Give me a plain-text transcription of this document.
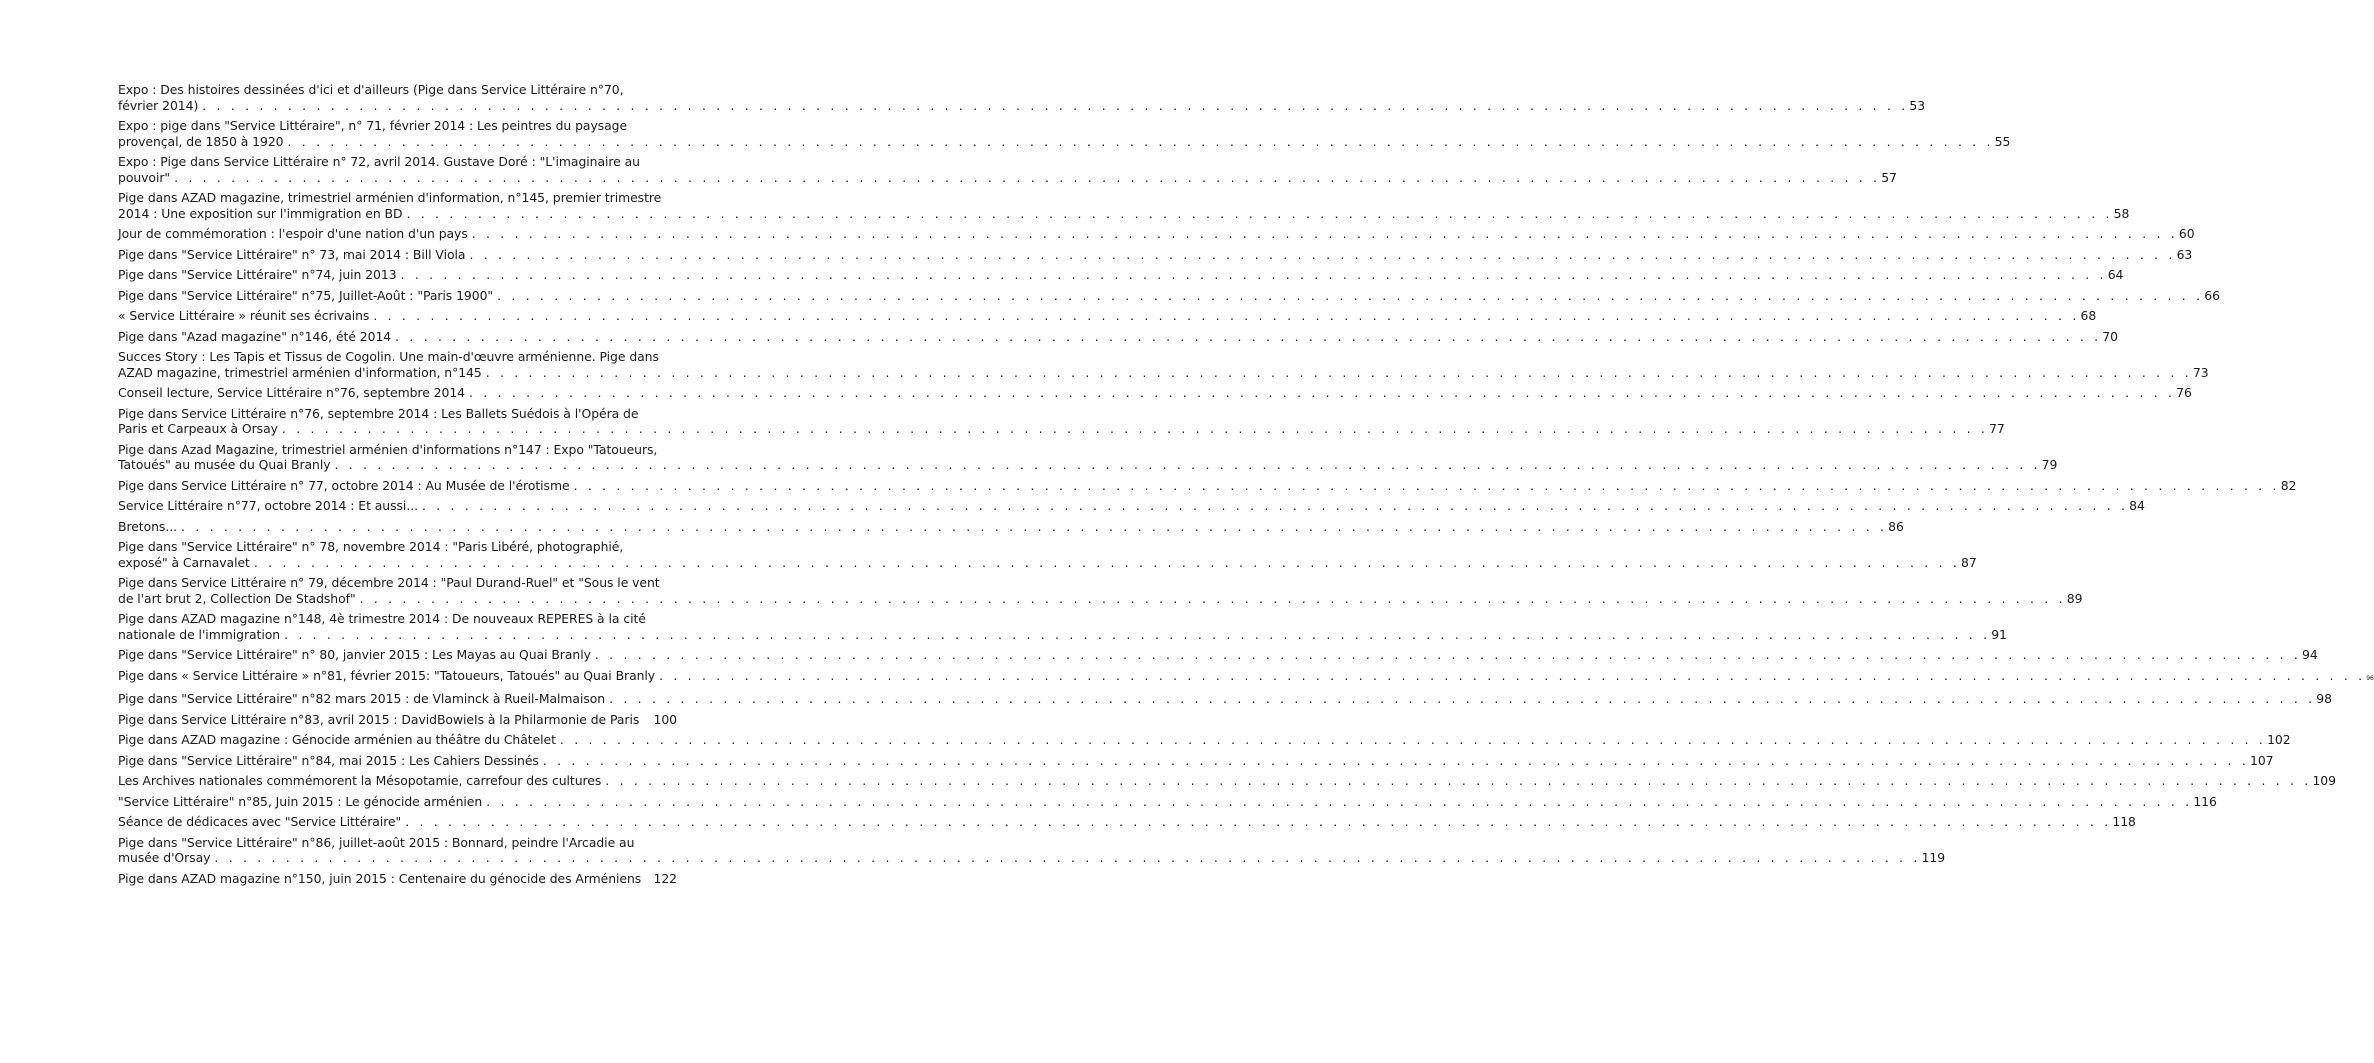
Expo : Des histoires dessinées d'ici et d'ailleurs (Pige dans Service Littéraire n°70,
février 2014) . . . . . . . . . . . . . . . . . . . . . . . . . . . . . . . . . . . . . . . . . . . . . . . . . . . . . . . . . . . . . . . . . . . . . . . . . . . . . . . . . . . . . . . . . . . . . . . . . . . . . . . . . . . . . . . . . . . . . . . . 53
Expo : pige dans "Service Littéraire", n° 71, février 2014 : Les peintres du paysage
provençal, de 1850 à 1920 . . . . . . . . . . . . . . . . . . . . . . . . . . . . . . . . . . . . . . . . . . . . . . . . . . . . . . . . . . . . . . . . . . . . . . . . . . . . . . . . . . . . . . . . . . . . . . . . . . . . . . . . . . . . . . . . . . . . . . . . 55
Expo : Pige dans Service Littéraire n° 72, avril 2014. Gustave Doré : "L'imaginaire au
pouvoir" . . . . . . . . . . . . . . . . . . . . . . . . . . . . . . . . . . . . . . . . . . . . . . . . . . . . . . . . . . . . . . . . . . . . . . . . . . . . . . . . . . . . . . . . . . . . . . . . . . . . . . . . . . . . . . . . . . . . . . . . 57
Pige dans AZAD magazine, trimestriel arménien d'information, n°145, premier trimestre
2014 : Une exposition sur l'immigration en BD . . . . . . . . . . . . . . . . . . . . . . . . . . . . . . . . . . . . . . . . . . . . . . . . . . . . . . . . . . . . . . . . . . . . . . . . . . . . . . . . . . . . . . . . . . . . . . . . . . . . . . . . . . . . . . . . . . . . . . . . 58
Jour de commémoration : l'espoir d'une nation d'un pays . . . . . . . . . . . . . . . . . . . . . . . . . . . . . . . . . . . . . . . . . . . . . . . . . . . . . . . . . . . . . . . . . . . . . . . . . . . . . . . . . . . . . . . . . . . . . . . . . . . . . . . . . . . . . . . . . . . . . . . . 60
Pige dans "Service Littéraire" n° 73, mai 2014 : Bill Viola . . . . . . . . . . . . . . . . . . . . . . . . . . . . . . . . . . . . . . . . . . . . . . . . . . . . . . . . . . . . . . . . . . . . . . . . . . . . . . . . . . . . . . . . . . . . . . . . . . . . . . . . . . . . . . . . . . . . . . . . 63
Pige dans "Service Littéraire" n°74, juin 2013 . . . . . . . . . . . . . . . . . . . . . . . . . . . . . . . . . . . . . . . . . . . . . . . . . . . . . . . . . . . . . . . . . . . . . . . . . . . . . . . . . . . . . . . . . . . . . . . . . . . . . . . . . . . . . . . . . . . . . . . . 64
Pige dans "Service Littéraire" n°75, Juillet-Août : "Paris 1900" . . . . . . . . . . . . . . . . . . . . . . . . . . . . . . . . . . . . . . . . . . . . . . . . . . . . . . . . . . . . . . . . . . . . . . . . . . . . . . . . . . . . . . . . . . . . . . . . . . . . . . . . . . . . . . . . . . . . . . . . 66
« Service Littéraire » réunit ses écrivains . . . . . . . . . . . . . . . . . . . . . . . . . . . . . . . . . . . . . . . . . . . . . . . . . . . . . . . . . . . . . . . . . . . . . . . . . . . . . . . . . . . . . . . . . . . . . . . . . . . . . . . . . . . . . . . . . . . . . . . . 68
Pige dans "Azad magazine" n°146, été 2014 . . . . . . . . . . . . . . . . . . . . . . . . . . . . . . . . . . . . . . . . . . . . . . . . . . . . . . . . . . . . . . . . . . . . . . . . . . . . . . . . . . . . . . . . . . . . . . . . . . . . . . . . . . . . . . . . . . . . . . . . 70
Succes Story : Les Tapis et Tissus de Cogolin. Une main-d'œuvre arménienne. Pige dans
AZAD magazine, trimestriel arménien d'information, n°145 . . . . . . . . . . . . . . . . . . . . . . . . . . . . . . . . . . . . . . . . . . . . . . . . . . . . . . . . . . . . . . . . . . . . . . . . . . . . . . . . . . . . . . . . . . . . . . . . . . . . . . . . . . . . . . . . . . . . . . . . 73
Conseil lecture, Service Littéraire n°76, septembre 2014 . . . . . . . . . . . . . . . . . . . . . . . . . . . . . . . . . . . . . . . . . . . . . . . . . . . . . . . . . . . . . . . . . . . . . . . . . . . . . . . . . . . . . . . . . . . . . . . . . . . . . . . . . . . . . . . . . . . . . . . . 76
Pige dans Service Littéraire n°76, septembre 2014 : Les Ballets Suédois à l'Opéra de
Paris et Carpeaux à Orsay . . . . . . . . . . . . . . . . . . . . . . . . . . . . . . . . . . . . . . . . . . . . . . . . . . . . . . . . . . . . . . . . . . . . . . . . . . . . . . . . . . . . . . . . . . . . . . . . . . . . . . . . . . . . . . . . . . . . . . . . 77
Pige dans Azad Magazine, trimestriel arménien d'informations n°147 : Expo "Tatoueurs,
Tatoués" au musée du Quai Branly . . . . . . . . . . . . . . . . . . . . . . . . . . . . . . . . . . . . . . . . . . . . . . . . . . . . . . . . . . . . . . . . . . . . . . . . . . . . . . . . . . . . . . . . . . . . . . . . . . . . . . . . . . . . . . . . . . . . . . . . 79
Pige dans Service Littéraire n° 77, octobre 2014 : Au Musée de l'érotisme . . . . . . . . . . . . . . . . . . . . . . . . . . . . . . . . . . . . . . . . . . . . . . . . . . . . . . . . . . . . . . . . . . . . . . . . . . . . . . . . . . . . . . . . . . . . . . . . . . . . . . . . . . . . . . . . . . . . . . . . 82
Service Littéraire n°77, octobre 2014 : Et aussi... . . . . . . . . . . . . . . . . . . . . . . . . . . . . . . . . . . . . . . . . . . . . . . . . . . . . . . . . . . . . . . . . . . . . . . . . . . . . . . . . . . . . . . . . . . . . . . . . . . . . . . . . . . . . . . . . . . . . . . . . 84
Bretons... . . . . . . . . . . . . . . . . . . . . . . . . . . . . . . . . . . . . . . . . . . . . . . . . . . . . . . . . . . . . . . . . . . . . . . . . . . . . . . . . . . . . . . . . . . . . . . . . . . . . . . . . . . . . . . . . . . . . . . . . 86
Pige dans "Service Littéraire" n° 78, novembre 2014 : "Paris Libéré, photographié,
exposé" à Carnavalet . . . . . . . . . . . . . . . . . . . . . . . . . . . . . . . . . . . . . . . . . . . . . . . . . . . . . . . . . . . . . . . . . . . . . . . . . . . . . . . . . . . . . . . . . . . . . . . . . . . . . . . . . . . . . . . . . . . . . . . . 87
Pige dans Service Littéraire n° 79, décembre 2014 : "Paul Durand-Ruel" et "Sous le vent
de l'art brut 2, Collection De Stadshof" . . . . . . . . . . . . . . . . . . . . . . . . . . . . . . . . . . . . . . . . . . . . . . . . . . . . . . . . . . . . . . . . . . . . . . . . . . . . . . . . . . . . . . . . . . . . . . . . . . . . . . . . . . . . . . . . . . . . . . . . 89
Pige dans AZAD magazine n°148, 4è trimestre 2014 : De nouveaux REPERES à la cité
nationale de l'immigration . . . . . . . . . . . . . . . . . . . . . . . . . . . . . . . . . . . . . . . . . . . . . . . . . . . . . . . . . . . . . . . . . . . . . . . . . . . . . . . . . . . . . . . . . . . . . . . . . . . . . . . . . . . . . . . . . . . . . . . . 91
Pige dans "Service Littéraire" n° 80, janvier 2015 : Les Mayas au Quai Branly . . . . . . . . . . . . . . . . . . . . . . . . . . . . . . . . . . . . . . . . . . . . . . . . . . . . . . . . . . . . . . . . . . . . . . . . . . . . . . . . . . . . . . . . . . . . . . . . . . . . . . . . . . . . . . . . . . . . . . . . 94
Pige dans « Service Littéraire » n°81, février 2015: "Tatoueurs, Tatoués" au Quai Branly . . . . . . . . . . . . . . . . . . . . . . . . . . . . . . . . . . . . . . . . . . . . . . . . . . . . . . . . . . . . . . . . . . . . . . . . . . . . . . . . . . . . . . . . . . . . . . . . . . . . . . . . . . . . . . . . . . . . . . . . 96
Pige dans "Service Littéraire" n°82 mars 2015 : de Vlaminck à Rueil-Malmaison . . . . . . . . . . . . . . . . . . . . . . . . . . . . . . . . . . . . . . . . . . . . . . . . . . . . . . . . . . . . . . . . . . . . . . . . . . . . . . . . . . . . . . . . . . . . . . . . . . . . . . . . . . . . . . . . . . . . . . . . 98
Pige dans Service Littéraire n°83, avril 2015 : DavidBowieIs à la Philarmonie de Paris 100
Pige dans AZAD magazine : Génocide arménien au théâtre du Châtelet . . . . . . . . . . . . . . . . . . . . . . . . . . . . . . . . . . . . . . . . . . . . . . . . . . . . . . . . . . . . . . . . . . . . . . . . . . . . . . . . . . . . . . . . . . . . . . . . . . . . . . . . . . . . . . . . . . . . . . . . 102
Pige dans "Service Littéraire" n°84, mai 2015 : Les Cahiers Dessinés . . . . . . . . . . . . . . . . . . . . . . . . . . . . . . . . . . . . . . . . . . . . . . . . . . . . . . . . . . . . . . . . . . . . . . . . . . . . . . . . . . . . . . . . . . . . . . . . . . . . . . . . . . . . . . . . . . . . . . . . 107
Les Archives nationales commémorent la Mésopotamie, carrefour des cultures . . . . . . . . . . . . . . . . . . . . . . . . . . . . . . . . . . . . . . . . . . . . . . . . . . . . . . . . . . . . . . . . . . . . . . . . . . . . . . . . . . . . . . . . . . . . . . . . . . . . . . . . . . . . . . . . . . . . . . . . 109
"Service Littéraire" n°85, Juin 2015 : Le génocide arménien . . . . . . . . . . . . . . . . . . . . . . . . . . . . . . . . . . . . . . . . . . . . . . . . . . . . . . . . . . . . . . . . . . . . . . . . . . . . . . . . . . . . . . . . . . . . . . . . . . . . . . . . . . . . . . . . . . . . . . . . 116
Séance de dédicaces avec "Service Littéraire" . . . . . . . . . . . . . . . . . . . . . . . . . . . . . . . . . . . . . . . . . . . . . . . . . . . . . . . . . . . . . . . . . . . . . . . . . . . . . . . . . . . . . . . . . . . . . . . . . . . . . . . . . . . . . . . . . . . . . . . . 118
Pige dans "Service Littéraire" n°86, juillet-août 2015 : Bonnard, peindre l'Arcadie au
musée d'Orsay . . . . . . . . . . . . . . . . . . . . . . . . . . . . . . . . . . . . . . . . . . . . . . . . . . . . . . . . . . . . . . . . . . . . . . . . . . . . . . . . . . . . . . . . . . . . . . . . . . . . . . . . . . . . . . . . . . . . . . . . 119
Pige dans AZAD magazine n°150, juin 2015 : Centenaire du génocide des Arméniens 122
